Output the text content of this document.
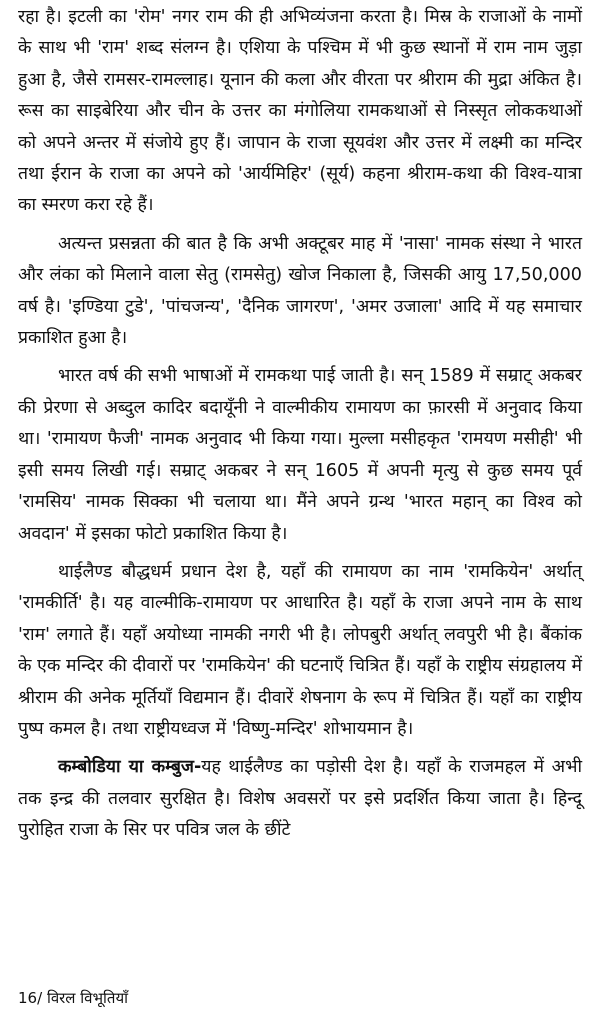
रहा है। इटली का 'रोम' नगर राम की ही अभिव्यंजना करता है। मिस्र के राजाओं के नामों के साथ भी 'राम' शब्द संलग्न है। एशिया के पश्चिम में भी कुछ स्थानों में राम नाम जुड़ा हुआ है, जैसे रामसर-रामल्लाह। यूनान की कला और वीरता पर श्रीराम की मुद्रा अंकित है। रूस का साइबेरिया और चीन के उत्तर का मंगोलिया रामकथाओं से निस्सृत लोककथाओं को अपने अन्तर में संजोये हुए हैं। जापान के राजा सूयवंश और उत्तर में लक्ष्मी का मन्दिर तथा ईरान के राजा का अपने को 'आर्यमिहिर' (सूर्य) कहना श्रीराम-कथा की विश्व-यात्रा का स्मरण करा रहे हैं।

अत्यन्त प्रसन्नता की बात है कि अभी अक्टूबर माह में 'नासा' नामक संस्था ने भारत और लंका को मिलाने वाला सेतु (रामसेतु) खोज निकाला है, जिसकी आयु 17,50,000 वर्ष है। 'इण्डिया टुडे', 'पांचजन्य', 'दैनिक जागरण', 'अमर उजाला' आदि में यह समाचार प्रकाशित हुआ है।

भारत वर्ष की सभी भाषाओं में रामकथा पाई जाती है। सन् 1589 में सम्राट् अकबर की प्रेरणा से अब्दुल कादिर बदायूँनी ने वाल्मीकीय रामायण का फ़ारसी में अनुवाद किया था। 'रामायण फैजी' नामक अनुवाद भी किया गया। मुल्ला मसीहकृत 'रामयण मसीही' भी इसी समय लिखी गई। सम्राट् अकबर ने सन् 1605 में अपनी मृत्यु से कुछ समय पूर्व 'रामसिय' नामक सिक्का भी चलाया था। मैंने अपने ग्रन्थ 'भारत महान् का विश्व को अवदान' में इसका फोटो प्रकाशित किया है।

थाईलैण्ड बौद्धधर्म प्रधान देश है, यहाँ की रामायण का नाम 'रामकियेन' अर्थात् 'रामकीर्ति' है। यह वाल्मीकि-रामायण पर आधारित है। यहाँ के राजा अपने नाम के साथ 'राम' लगाते हैं। यहाँ अयोध्या नामकी नगरी भी है। लोपबुरी अर्थात् लवपुरी भी है। बैंकांक के एक मन्दिर की दीवारों पर 'रामकियेन' की घटनाएँ चित्रित हैं। यहाँ के राष्ट्रीय संग्रहालय में श्रीराम की अनेक मूर्तियाँ विद्यमान हैं। दीवारें शेषनाग के रूप में चित्रित हैं। यहाँ का राष्ट्रीय पुष्प कमल है। तथा राष्ट्रीयध्वज में 'विष्णु-मन्दिर' शोभायमान है।

कम्बोडिया या कम्बुज-यह थाईलैण्ड का पड़ोसी देश है। यहाँ के राजमहल में अभी तक इन्द्र की तलवार सुरक्षित है। विशेष अवसरों पर इसे प्रदर्शित किया जाता है। हिन्दू पुरोहित राजा के सिर पर पवित्र जल के छींटे

16/ विरल विभूतियाँ
